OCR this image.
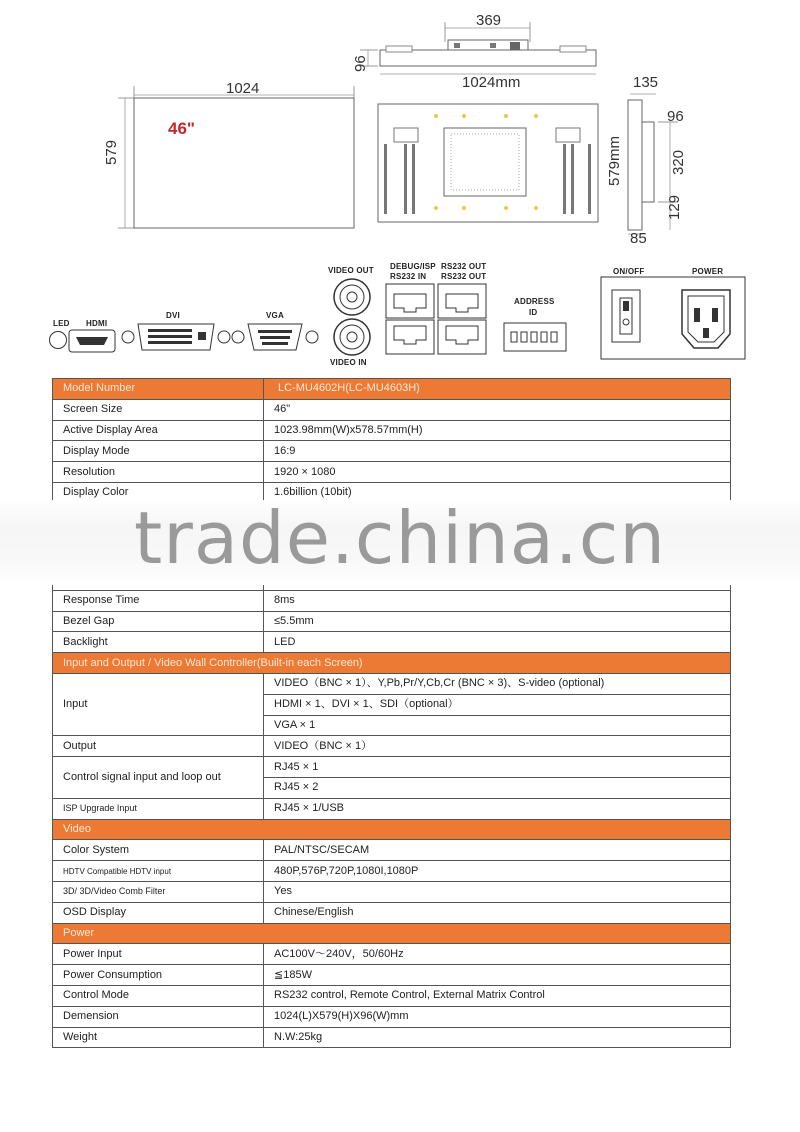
1024
579
46"
369
96
1024mm
579mm
135
96
320
129
85
LED HDMI
DVI	VGA
VIDEO OUT
VIDEO IN
DEBUG/ISP
RS232 IN
RS232 OUT
RS232 OUT
ADDRESS
ID
ON/OFF	POWER
Model Number	LC-MU4602H(LC-MU4603H)
Screen Size	46"
Active Display Area	1023.98mm(W)x578.57mm(H)
Display Mode	16:9
Resolution	1920 × 1080
Display Color	1.6billion (10bit)

Response Time	8ms
Bezel Gap	≤5.5mm
Backlight	LED
Input and Output / Video Wall Controller(Built-in each Screen)	
Input	VIDEO（BNC × 1）、Y,Pb,Pr/Y,Cb,Cr (BNC × 3)、S-video (optional)
	HDMI × 1、DVI × 1、SDI（optional）
	VGA × 1
Output	VIDEO（BNC × 1）
Control signal input and loop out	RJ45 × 1
	RJ45 × 2
ISP Upgrade Input	RJ45 × 1/USB
Video	
Color System	PAL/NTSC/SECAM
HDTV Compatible HDTV input	480P,576P,720P,1080I,1080P
3D/ 3D/Video Comb Filter	Yes
OSD Display	Chinese/English
Power	
Power Input	AC100V〜240V，50/60Hz
Power Consumption	≦185W
Control Mode	RS232 control, Remote Control, External Matrix Control
Demension	1024(L)X579(H)X96(W)mm
Weight	N.W:25kg
trade.china.cn
